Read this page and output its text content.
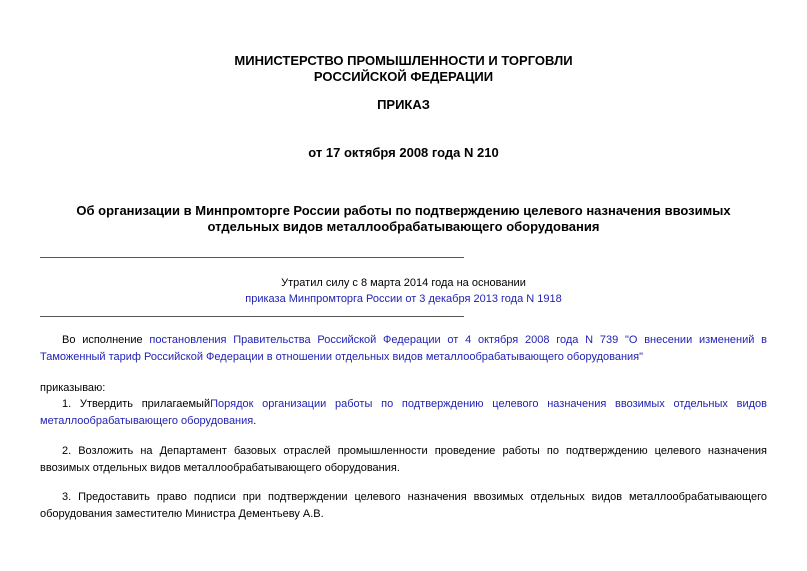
МИНИСТЕРСТВО ПРОМЫШЛЕННОСТИ И ТОРГОВЛИ
РОССИЙСКОЙ ФЕДЕРАЦИИ
ПРИКАЗ
от 17 октября 2008 года N 210
Об организации в Минпромторге России работы по подтверждению целевого назначения ввозимых
отдельных видов металлообрабатывающего оборудования
Утратил силу с 8 марта 2014 года на основании
приказа Минпромторга России от 3 декабря 2013 года N 1918
Во исполнение постановления Правительства Российской Федерации от 4 октября 2008 года N 739 "О внесении изменений в Таможенный тариф Российской Федерации в отношении отдельных видов металлообрабатывающего оборудования"
приказываю:
1. Утвердить прилагаемыйПорядок организации работы по подтверждению целевого назначения ввозимых отдельных видов металлообрабатывающего оборудования.
2. Возложить на Департамент базовых отраслей промышленности проведение работы по подтверждению целевого назначения ввозимых отдельных видов металлообрабатывающего оборудования.
3. Предоставить право подписи при подтверждении целевого назначения ввозимых отдельных видов металлообрабатывающего оборудования заместителю Министра Дементьеву А.В.
